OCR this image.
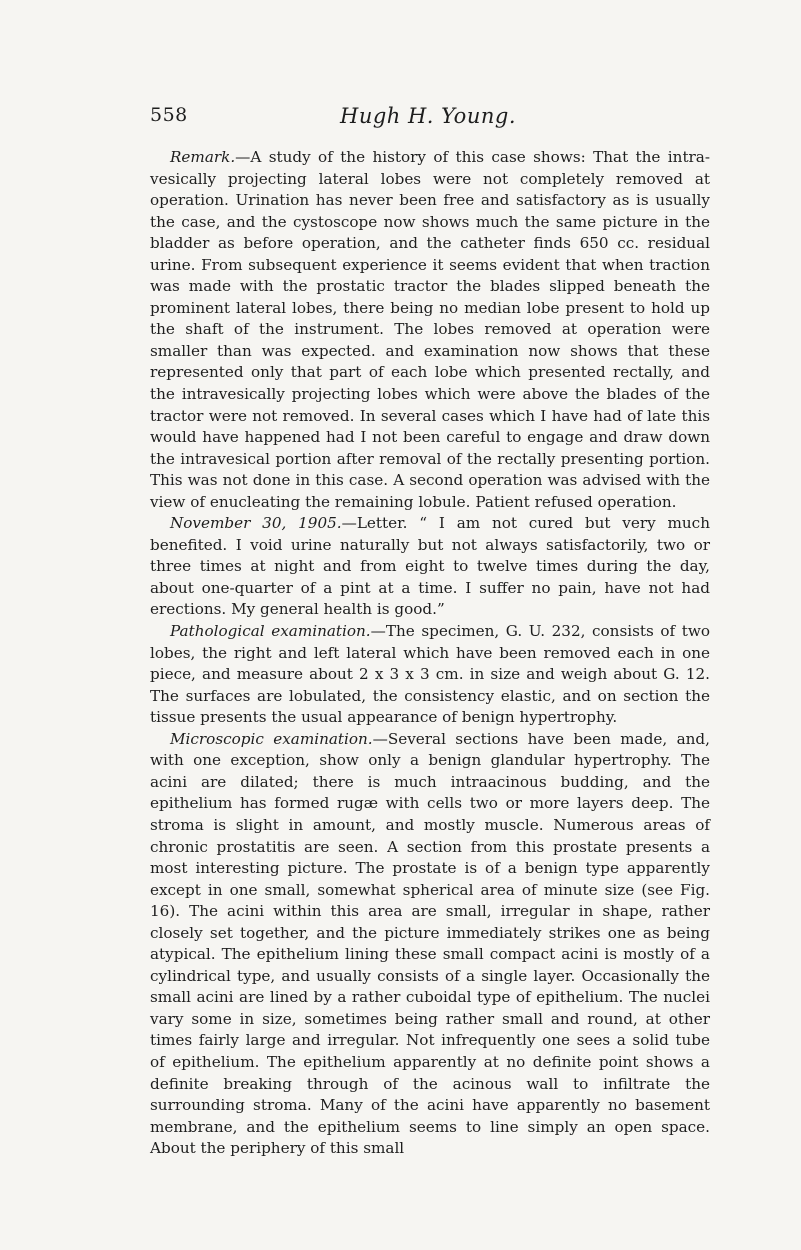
558	Hugh H. Young.

Remark.—A study of the history of this case shows: That the intra-vesically projecting lateral lobes were not completely removed at operation. Urination has never been free and satisfactory as is usually the case, and the cystoscope now shows much the same picture in the bladder as before operation, and the catheter finds 650 cc. residual urine. From subsequent experience it seems evident that when traction was made with the prostatic tractor the blades slipped beneath the prominent lateral lobes, there being no median lobe present to hold up the shaft of the instrument. The lobes removed at operation were smaller than was expected. and examination now shows that these represented only that part of each lobe which presented rectally, and the intravesically projecting lobes which were above the blades of the tractor were not removed. In several cases which I have had of late this would have happened had I not been careful to engage and draw down the intravesical portion after removal of the rectally presenting portion. This was not done in this case. A second operation was advised with the view of enucleating the remaining lobule. Patient refused operation.

November 30, 1905.—Letter. “ I am not cured but very much benefited. I void urine naturally but not always satisfactorily, two or three times at night and from eight to twelve times during the day, about one-quarter of a pint at a time. I suffer no pain, have not had erections. My general health is good.”

Pathological examination.—The specimen, G. U. 232, consists of two lobes, the right and left lateral which have been removed each in one piece, and measure about 2 x 3 x 3 cm. in size and weigh about G. 12. The surfaces are lobulated, the consistency elastic, and on section the tissue presents the usual appearance of benign hypertrophy.

Microscopic examination.—Several sections have been made, and, with one exception, show only a benign glandular hypertrophy. The acini are dilated; there is much intraacinous budding, and the epithelium has formed rugæ with cells two or more layers deep. The stroma is slight in amount, and mostly muscle. Numerous areas of chronic prostatitis are seen. A section from this prostate presents a most interesting picture. The prostate is of a benign type apparently except in one small, somewhat spherical area of minute size (see Fig. 16). The acini within this area are small, irregular in shape, rather closely set together, and the picture immediately strikes one as being atypical. The epithelium lining these small compact acini is mostly of a cylindrical type, and usually consists of a single layer. Occasionally the small acini are lined by a rather cuboidal type of epithelium. The nuclei vary some in size, sometimes being rather small and round, at other times fairly large and irregular. Not infrequently one sees a solid tube of epithelium. The epithelium apparently at no definite point shows a definite breaking through of the acinous wall to infiltrate the surrounding stroma. Many of the acini have apparently no basement membrane, and the epithelium seems to line simply an open space. About the periphery of this small
